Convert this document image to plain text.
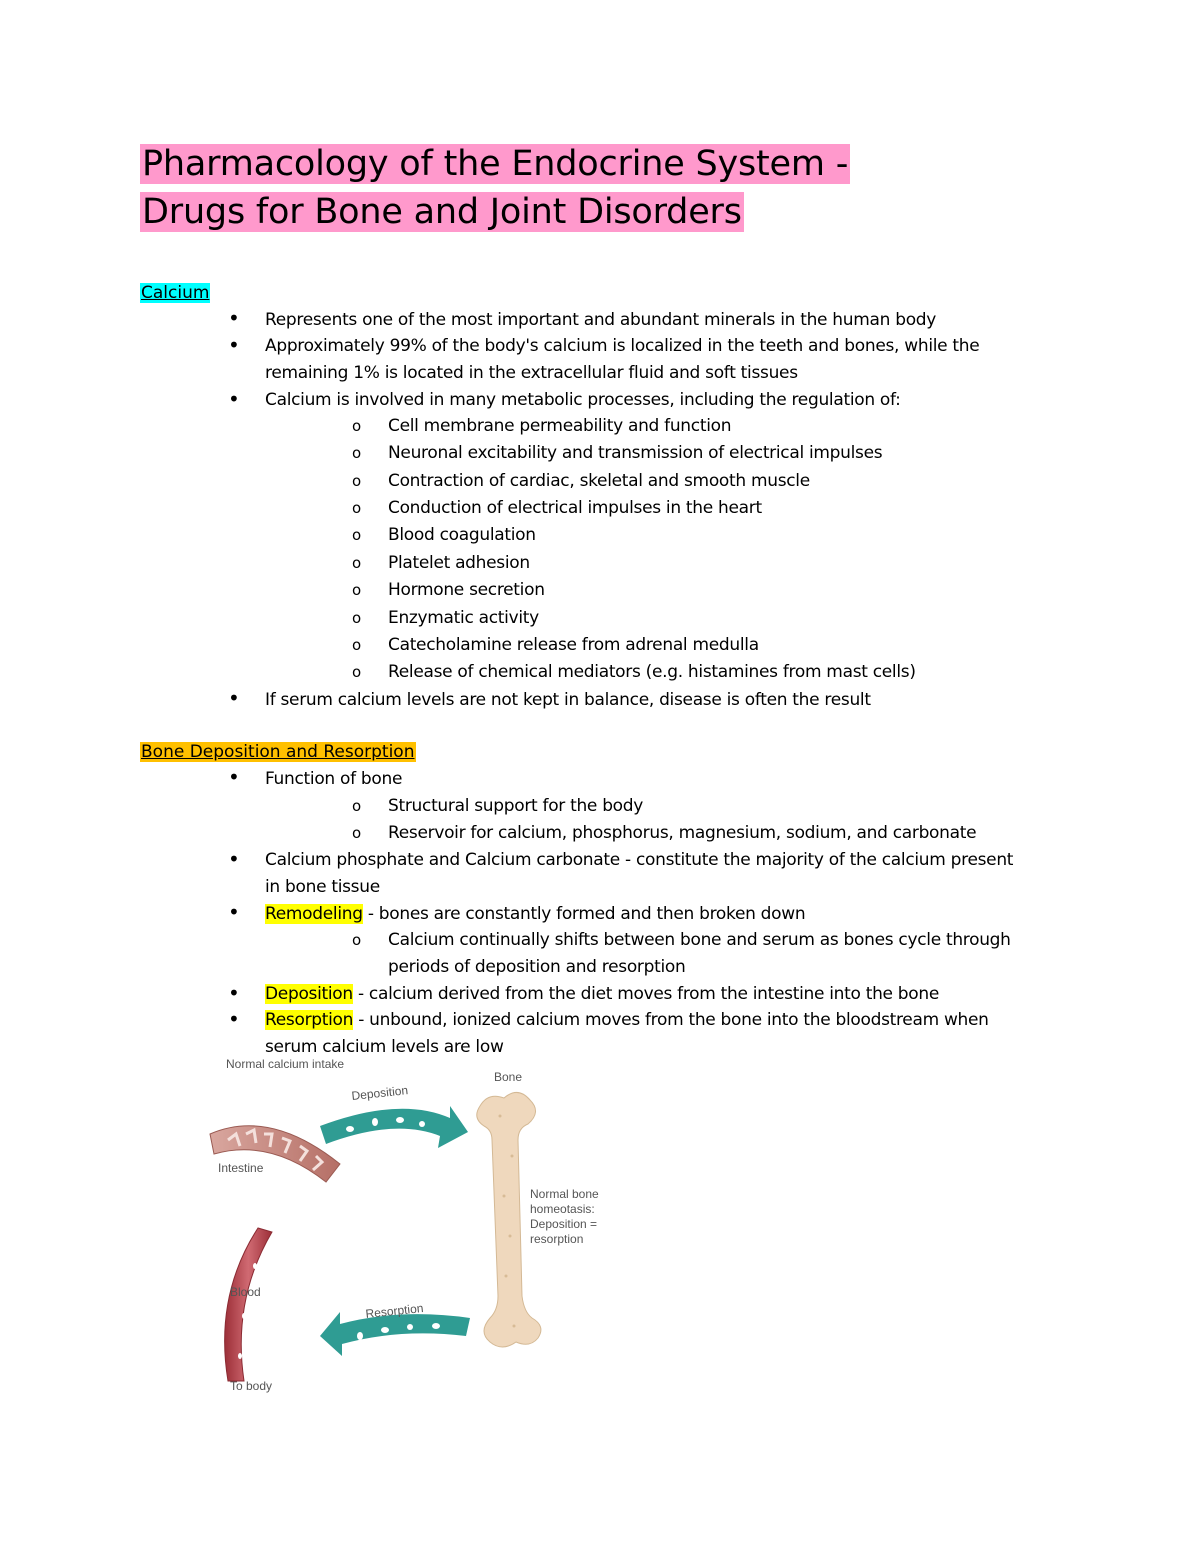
Pharmacology of the Endocrine System -
Drugs for Bone and Joint Disorders
Calcium
• Represents one of the most important and abundant minerals in the human body
• Approximately 99% of the body's calcium is localized in the teeth and bones, while the
remaining 1% is located in the extracellular fluid and soft tissues
• Calcium is involved in many metabolic processes, including the regulation of:
o Cell membrane permeability and function
o Neuronal excitability and transmission of electrical impulses
o Contraction of cardiac, skeletal and smooth muscle
o Conduction of electrical impulses in the heart
o Blood coagulation
o Platelet adhesion
o Hormone secretion
o Enzymatic activity
o Catecholamine release from adrenal medulla
o Release of chemical mediators (e.g. histamines from mast cells)
• If serum calcium levels are not kept in balance, disease is often the result
Bone Deposition and Resorption
• Function of bone
o Structural support for the body
o Reservoir for calcium, phosphorus, magnesium, sodium, and carbonate
• Calcium phosphate and Calcium carbonate - constitute the majority of the calcium present
in bone tissue
• Remodeling - bones are constantly formed and then broken down
o Calcium continually shifts between bone and serum as bones cycle through
periods of deposition and resorption
• Deposition - calcium derived from the diet moves from the intestine into the bone
• Resorption - unbound, ionized calcium moves from the bone into the bloodstream when
serum calcium levels are low
Normal calcium intake
Bone
Intestine
Deposition
Normal bone
homeotasis:
Deposition =
resorption
Blood
Resorption
To body
